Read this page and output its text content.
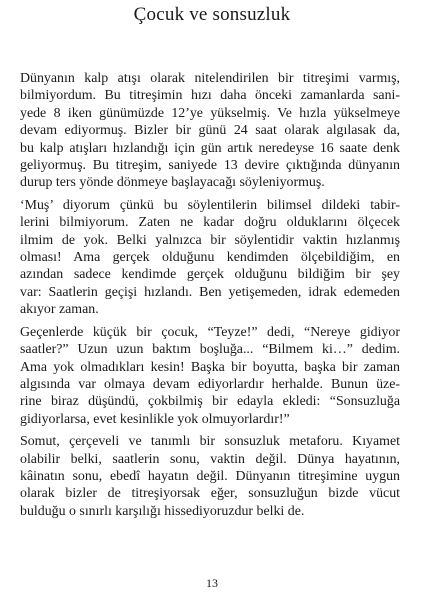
Çocuk ve sonsuzluk
Dünyanın kalp atışı olarak nitelendirilen bir titreşimi varmış,
bilmiyordum. Bu titreşimin hızı daha önceki zamanlarda sani-
yede 8 iken günümüzde 12’ye yükselmiş. Ve hızla yükselmeye
devam ediyormuş. Bizler bir günü 24 saat olarak algılasak da,
bu kalp atışları hızlandığı için gün artık neredeyse 16 saate denk
geliyormuş. Bu titreşim, saniyede 13 devire çıktığında dünyanın
durup ters yönde dönmeye başlayacağı söyleniyormuş.
‘Muş’ diyorum çünkü bu söylentilerin bilimsel dildeki tabir-
lerini bilmiyorum. Zaten ne kadar doğru olduklarını ölçecek
ilmim de yok. Belki yalnızca bir söylentidir vaktin hızlanmış
olması! Ama gerçek olduğunu kendimden ölçebildiğim, en
azından sadece kendimde gerçek olduğunu bildiğim bir şey
var: Saatlerin geçişi hızlandı. Ben yetişemeden, idrak edemeden
akıyor zaman.
Geçenlerde küçük bir çocuk, “Teyze!” dedi, “Nereye gidiyor
saatler?” Uzun uzun baktım boşluğa... “Bilmem ki…” dedim.
Ama yok olmadıkları kesin! Başka bir boyutta, başka bir zaman
algısında var olmaya devam ediyorlardır herhalde. Bunun üze-
rine biraz düşündü, çokbilmiş bir edayla ekledi: “Sonsuzluğa
gidiyorlarsa, evet kesinlikle yok olmuyorlardır!”
Somut, çerçeveli ve tanımlı bir sonsuzluk metaforu. Kıyamet
olabilir belki, saatlerin sonu, vaktin değil. Dünya hayatının,
kâinatın sonu, ebedî hayatın değil. Dünyanın titreşimine uygun
olarak bizler de titreşiyorsak eğer, sonsuzluğun bizde vücut
bulduğu o sınırlı karşılığı hissediyoruzdur belki de.
13
